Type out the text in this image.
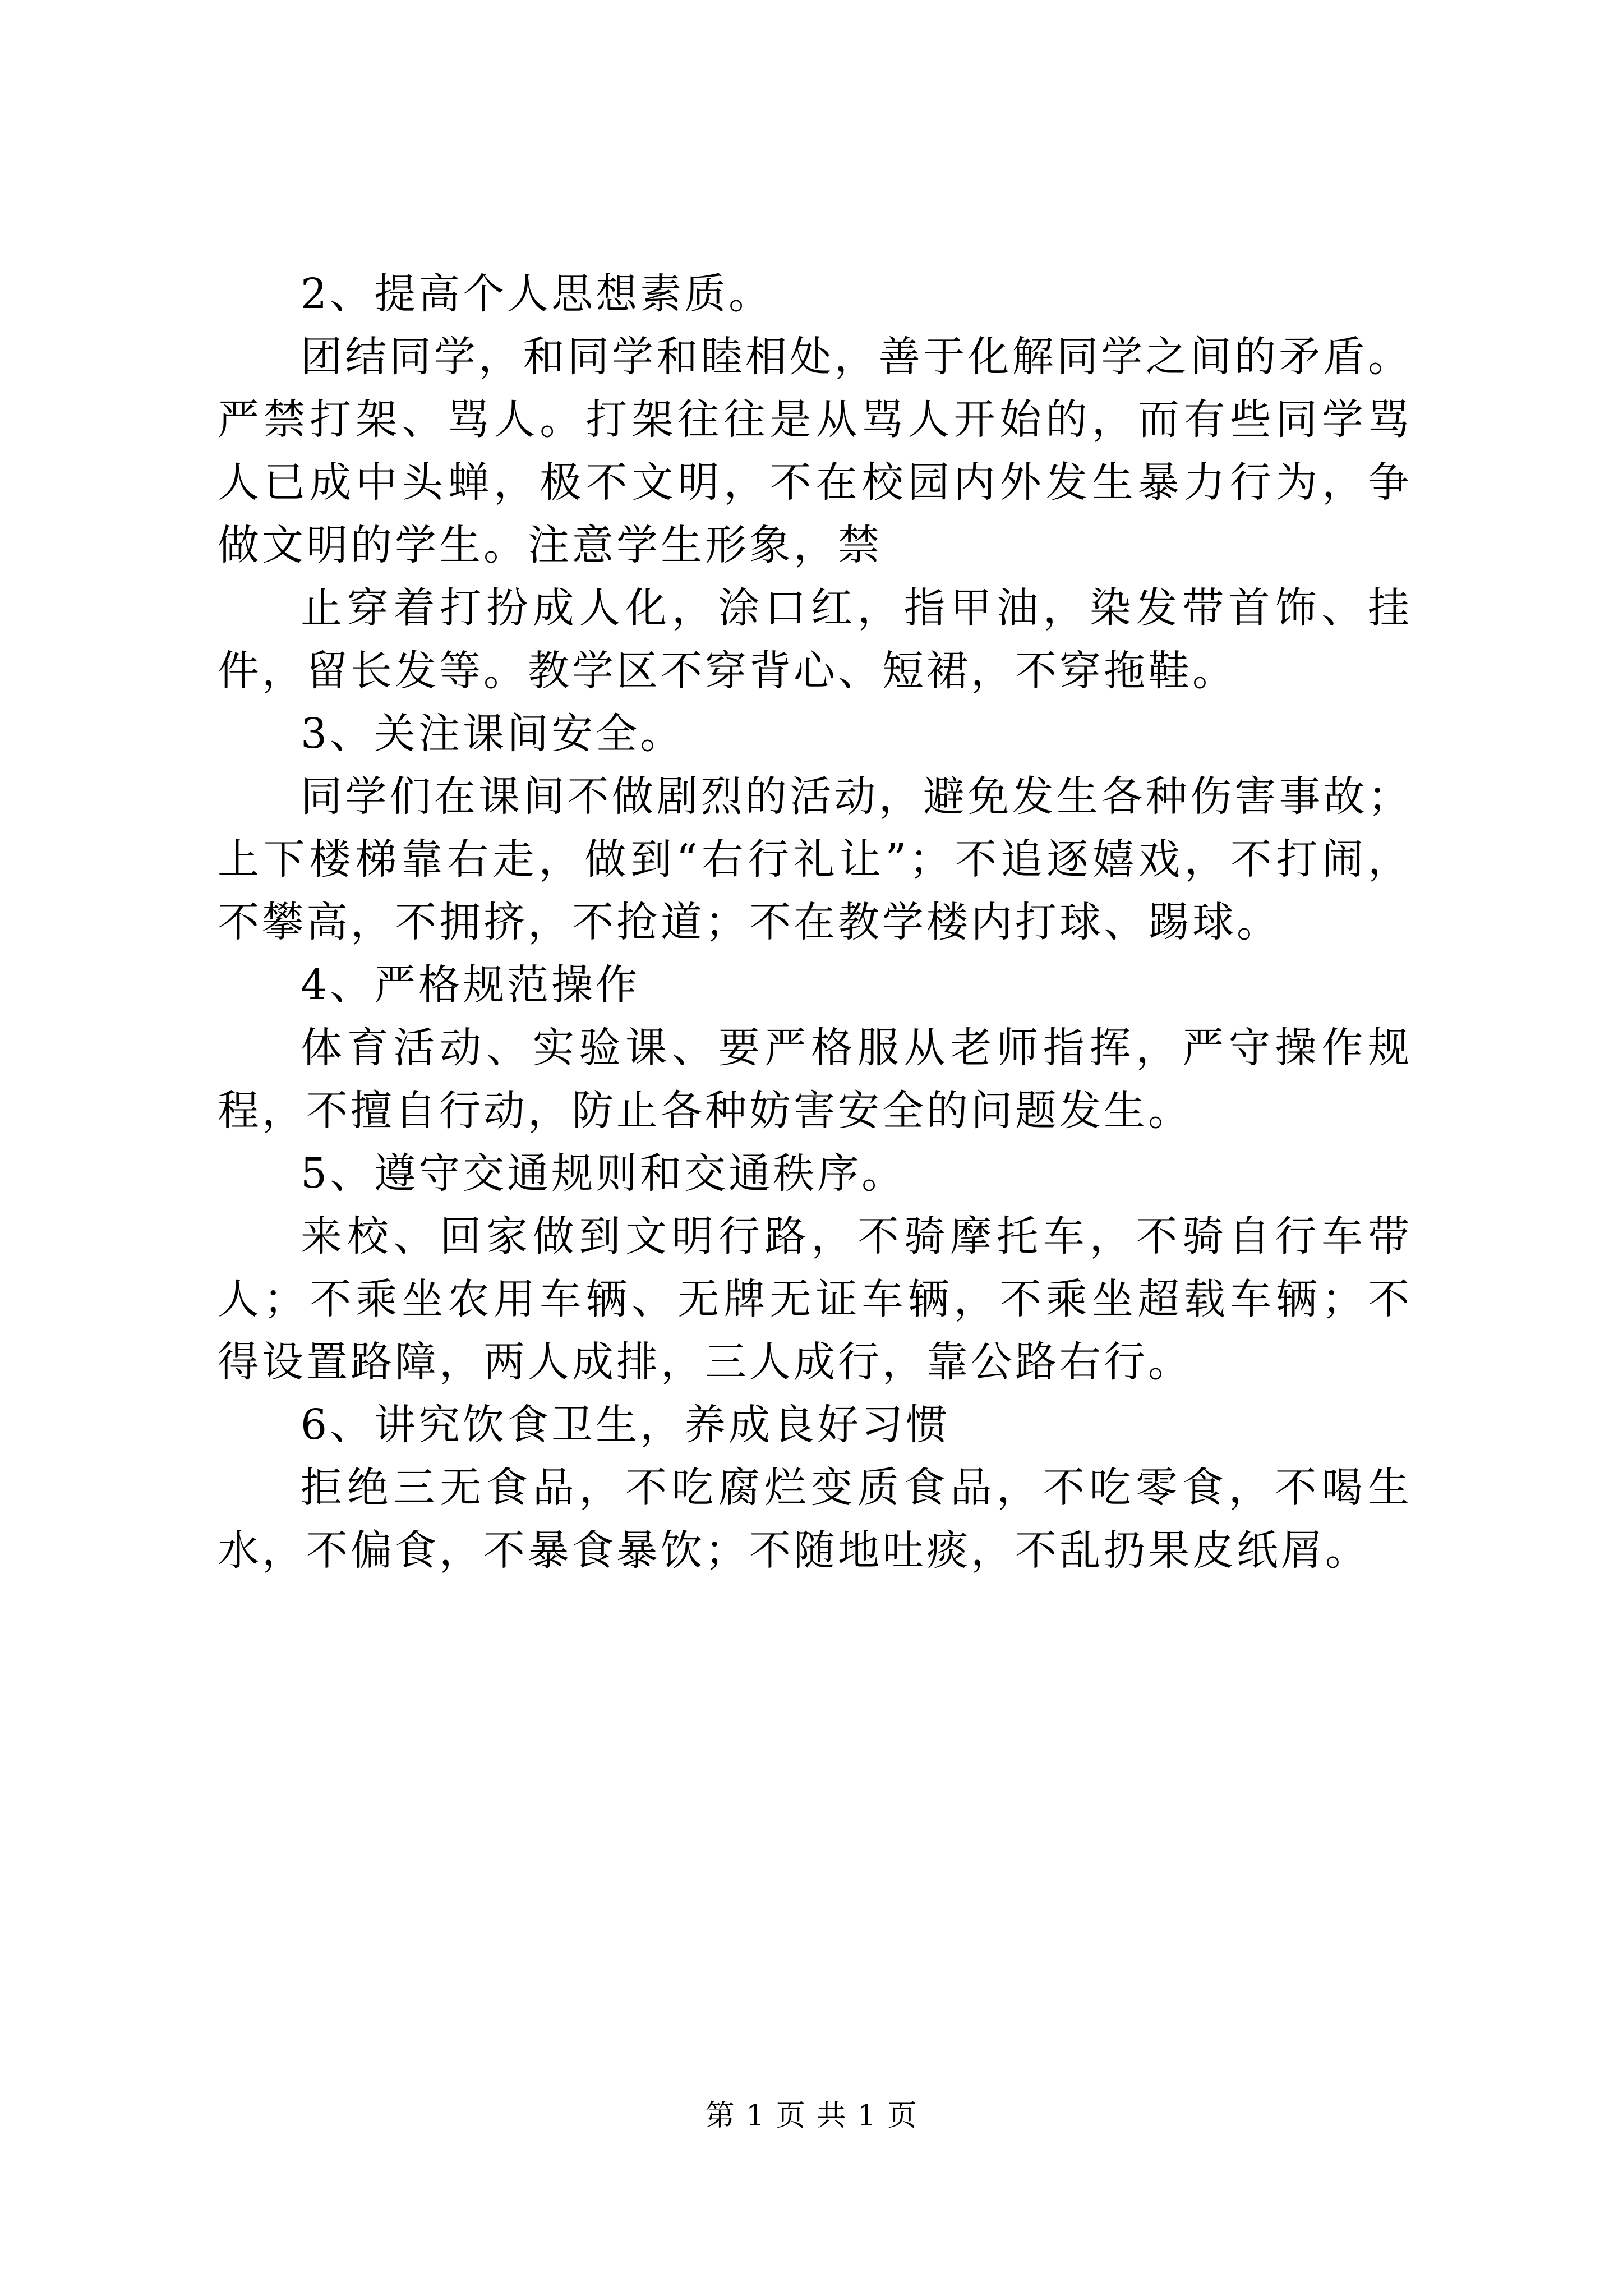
2、提高个人思想素质。

团结同学，和同学和睦相处，善于化解同学之间的矛盾。严禁打架、骂人。打架往往是从骂人开始的，而有些同学骂人已成中头蝉，极不文明，不在校园内外发生暴力行为，争做文明的学生。注意学生形象，禁

止穿着打扮成人化，涂口红，指甲油，染发带首饰、挂件，留长发等。教学区不穿背心、短裙，不穿拖鞋。

3、关注课间安全。

同学们在课间不做剧烈的活动，避免发生各种伤害事故；上下楼梯靠右走，做到“右行礼让”；不追逐嬉戏，不打闹，不攀高，不拥挤，不抢道；不在教学楼内打球、踢球。

4、严格规范操作

体育活动、实验课、要严格服从老师指挥，严守操作规程，不擅自行动，防止各种妨害安全的问题发生。

5、遵守交通规则和交通秩序。

来校、回家做到文明行路，不骑摩托车，不骑自行车带人；不乘坐农用车辆、无牌无证车辆，不乘坐超载车辆；不得设置路障，两人成排，三人成行，靠公路右行。

6、讲究饮食卫生，养成良好习惯

拒绝三无食品，不吃腐烂变质食品，不吃零食，不喝生水，不偏食，不暴食暴饮；不随地吐痰，不乱扔果皮纸屑。

第 1 页 共 1 页
